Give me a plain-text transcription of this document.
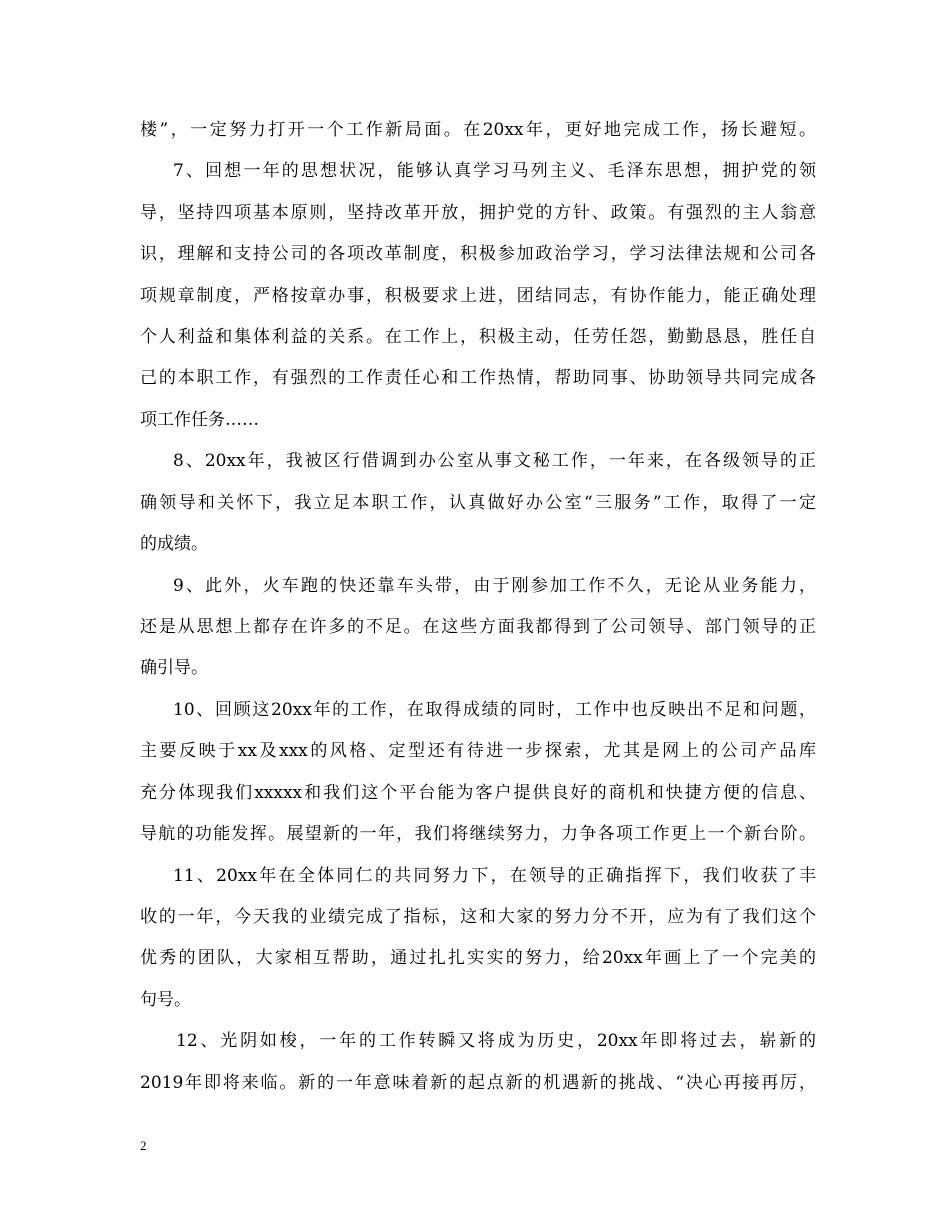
楼”，一定努力打开一个工作新局面。在20xx年，更好地完成工作，扬长避短。
7、回想一年的思想状况，能够认真学习马列主义、毛泽东思想，拥护党的领
导，坚持四项基本原则，坚持改革开放，拥护党的方针、政策。有强烈的主人翁意
识，理解和支持公司的各项改革制度，积极参加政治学习，学习法律法规和公司各
项规章制度，严格按章办事，积极要求上进，团结同志，有协作能力，能正确处理
个人利益和集体利益的关系。在工作上，积极主动，任劳任怨，勤勤恳恳，胜任自
己的本职工作，有强烈的工作责任心和工作热情，帮助同事、协助领导共同完成各
项工作任务……
8、20xx年，我被区行借调到办公室从事文秘工作，一年来，在各级领导的正
确领导和关怀下，我立足本职工作，认真做好办公室“三服务”工作，取得了一定
的成绩。
9、此外，火车跑的快还靠车头带，由于刚参加工作不久，无论从业务能力，
还是从思想上都存在许多的不足。在这些方面我都得到了公司领导、部门领导的正
确引导。
10、回顾这20xx年的工作，在取得成绩的同时，工作中也反映出不足和问题，
主要反映于xx及xxx的风格、定型还有待进一步探索，尤其是网上的公司产品库
充分体现我们xxxxx和我们这个平台能为客户提供良好的商机和快捷方便的信息、
导航的功能发挥。展望新的一年，我们将继续努力，力争各项工作更上一个新台阶。
11、20xx年在全体同仁的共同努力下，在领导的正确指挥下，我们收获了丰
收的一年，今天我的业绩完成了指标，这和大家的努力分不开，应为有了我们这个
优秀的团队，大家相互帮助，通过扎扎实实的努力，给20xx年画上了一个完美的
句号。
12、光阴如梭，一年的工作转瞬又将成为历史，20xx年即将过去，崭新的
2019年即将来临。新的一年意味着新的起点新的机遇新的挑战、“决心再接再厉，
2
